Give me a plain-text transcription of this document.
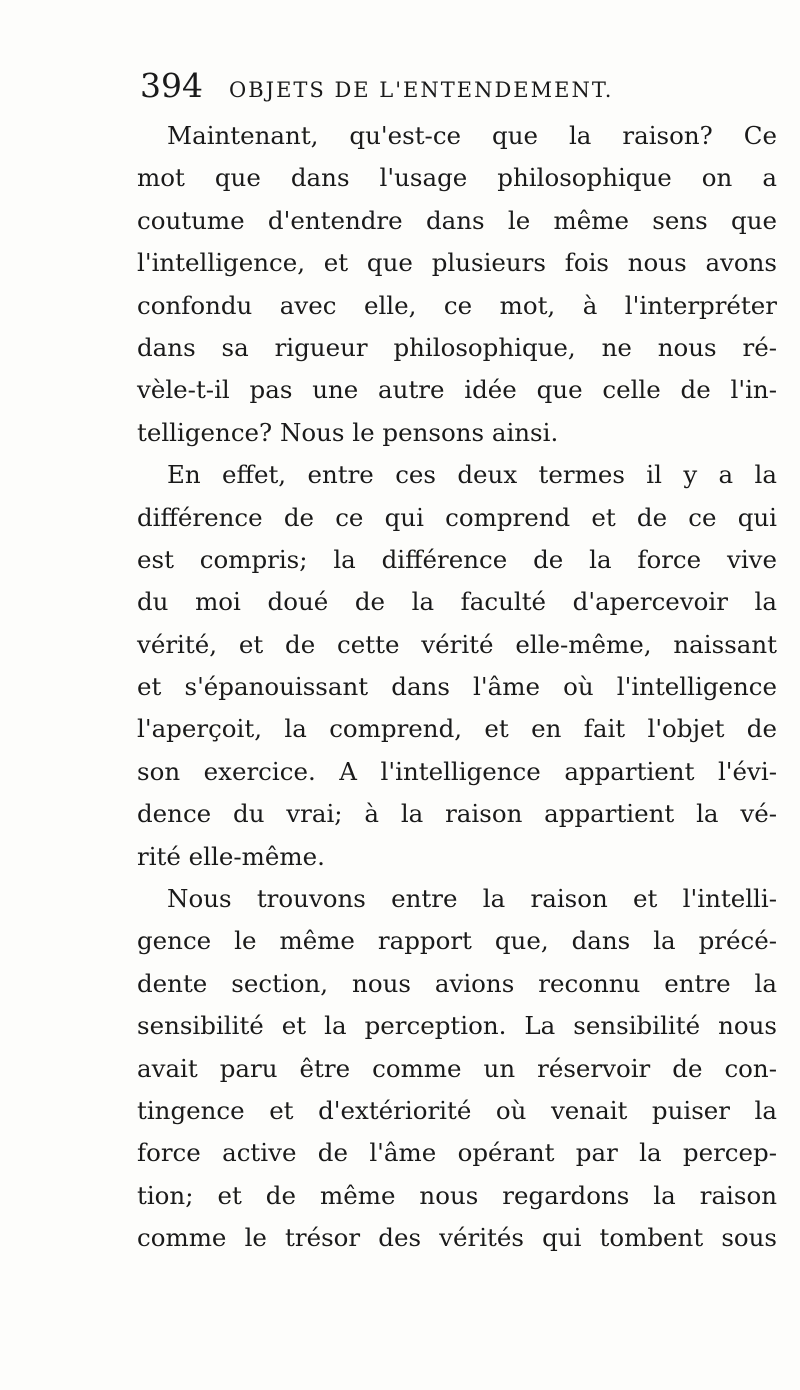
394 OBJETS DE L'ENTENDEMENT.
Maintenant, qu'est-ce que la raison? Ce
mot que dans l'usage philosophique on a
coutume d'entendre dans le même sens que
l'intelligence, et que plusieurs fois nous avons
confondu avec elle, ce mot, à l'interpréter
dans sa rigueur philosophique, ne nous ré-
vèle-t-il pas une autre idée que celle de l'in-
telligence? Nous le pensons ainsi.
En effet, entre ces deux termes il y a la
différence de ce qui comprend et de ce qui
est compris; la différence de la force vive
du moi doué de la faculté d'apercevoir la
vérité, et de cette vérité elle-même, naissant
et s'épanouissant dans l'âme où l'intelligence
l'aperçoit, la comprend, et en fait l'objet de
son exercice. A l'intelligence appartient l'évi-
dence du vrai; à la raison appartient la vé-
rité elle-même.
Nous trouvons entre la raison et l'intelli-
gence le même rapport que, dans la précé-
dente section, nous avions reconnu entre la
sensibilité et la perception. La sensibilité nous
avait paru être comme un réservoir de con-
tingence et d'extériorité où venait puiser la
force active de l'âme opérant par la percep-
tion; et de même nous regardons la raison
comme le trésor des vérités qui tombent sous
